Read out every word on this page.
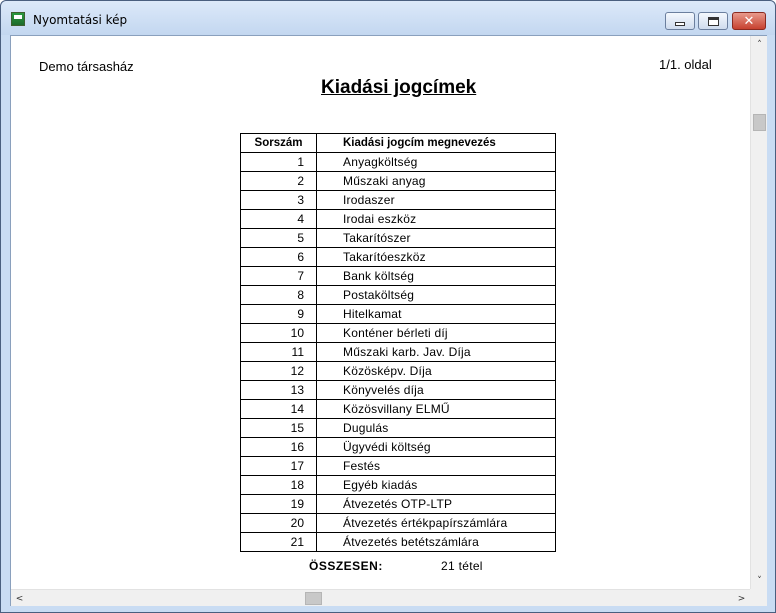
Nyomtatási kép	✕
Demo társasház	1/1. oldal
Kiadási jogcímek
Sorszám	Kiadási jogcím megnevezés
1	Anyagköltség
2	Műszaki anyag
3	Irodaszer
4	Irodai eszköz
5	Takarítószer
6	Takarítóeszköz
7	Bank költség
8	Postaköltség
9	Hitelkamat
10	Konténer bérleti díj
11	Műszaki karb. Jav. Díja
12	Közösképv. Díja
13	Könyvelés díja
14	Közösvillany ELMŰ
15	Dugulás
16	Ügyvédi költség
17	Festés
18	Egyéb kiadás
19	Átvezetés OTP-LTP
20	Átvezetés értékpapírszámlára
21	Átvezetés betétszámlára
ÖSSZESEN:	21 tétel
˄
˅
<	>
